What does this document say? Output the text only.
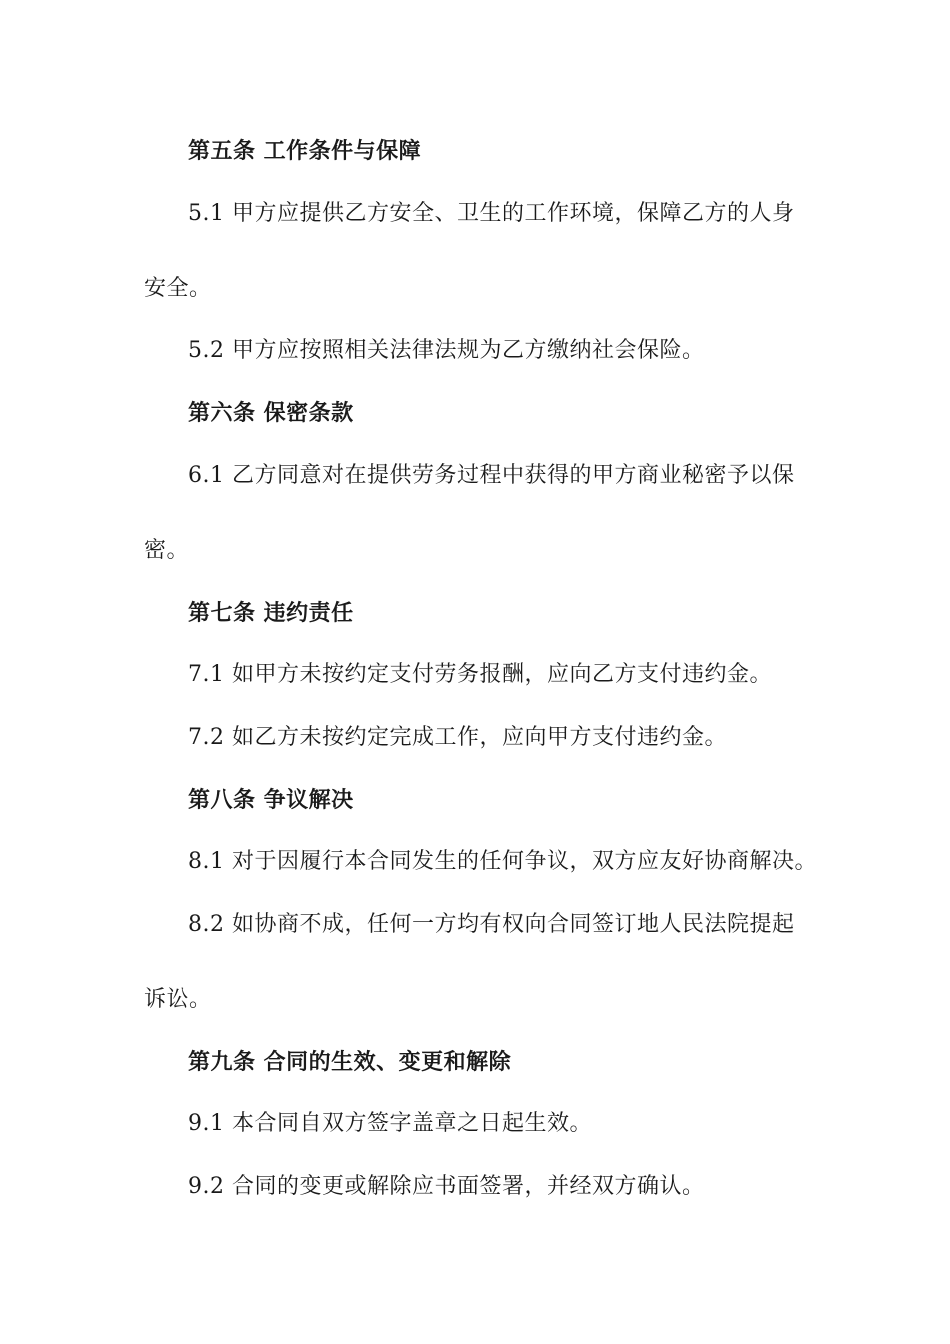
第五条 工作条件与保障
5.1 甲方应提供乙方安全、卫生的工作环境，保障乙方的人身
安全。
5.2 甲方应按照相关法律法规为乙方缴纳社会保险。
第六条 保密条款
6.1 乙方同意对在提供劳务过程中获得的甲方商业秘密予以保
密。
第七条 违约责任
7.1 如甲方未按约定支付劳务报酬，应向乙方支付违约金。
7.2 如乙方未按约定完成工作，应向甲方支付违约金。
第八条 争议解决
8.1 对于因履行本合同发生的任何争议，双方应友好协商解决。
8.2 如协商不成，任何一方均有权向合同签订地人民法院提起
诉讼。
第九条 合同的生效、变更和解除
9.1 本合同自双方签字盖章之日起生效。
9.2 合同的变更或解除应书面签署，并经双方确认。
